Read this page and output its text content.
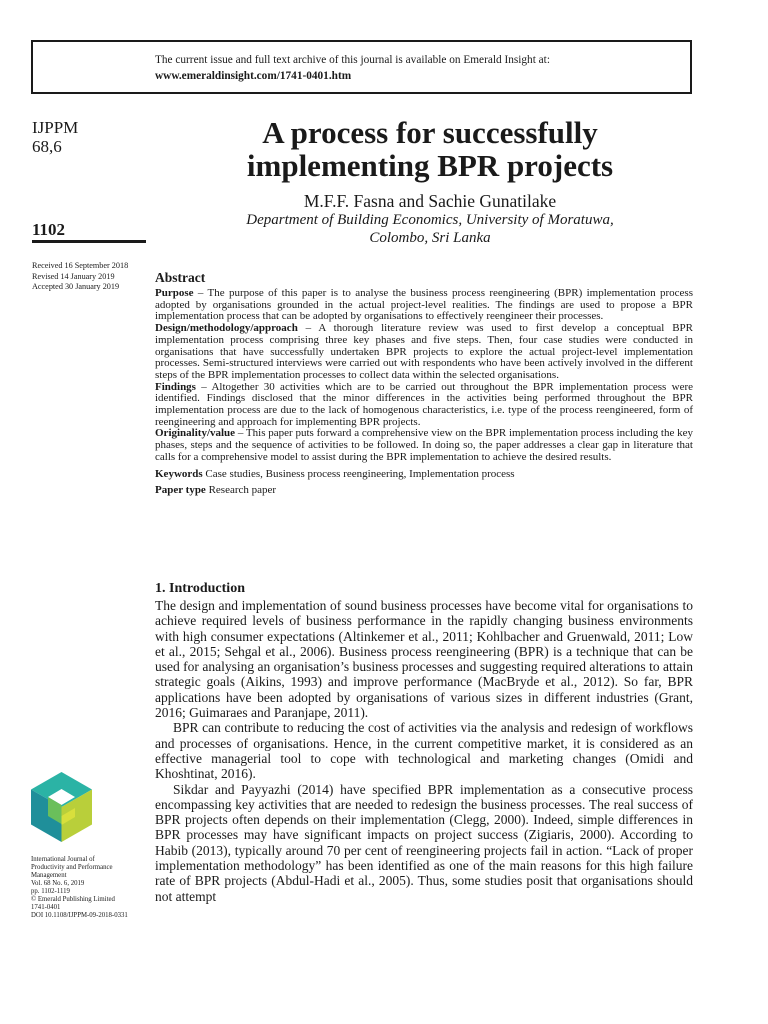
The current issue and full text archive of this journal is available on Emerald Insight at:
www.emeraldinsight.com/1741-0401.htm
IJPPM
68,6
1102
Received 16 September 2018
Revised 14 January 2019
Accepted 30 January 2019
A process for successfully
implementing BPR projects
M.F.F. Fasna and Sachie Gunatilake
Department of Building Economics, University of Moratuwa,
Colombo, Sri Lanka
Abstract

Purpose – The purpose of this paper is to analyse the business process reengineering (BPR) implementation process adopted by organisations grounded in the actual project-level realities. The findings are used to propose a BPR implementation process that can be adopted by organisations to effectively reengineer their processes.

Design/methodology/approach – A thorough literature review was used to first develop a conceptual BPR implementation process comprising three key phases and five steps. Then, four case studies were conducted in organisations that have successfully undertaken BPR projects to explore the actual project-level implementation processes. Semi-structured interviews were carried out with respondents who have been actively involved in the different steps of the BPR implementation processes to collect data within the selected organisations.

Findings – Altogether 30 activities which are to be carried out throughout the BPR implementation process were identified. Findings disclosed that the minor differences in the activities being performed throughout the BPR implementation process are due to the lack of homogenous characteristics, i.e. type of the process reengineered, form of reengineering and approach for implementing BPR projects.

Originality/value – This paper puts forward a comprehensive view on the BPR implementation process including the key phases, steps and the sequence of activities to be followed. In doing so, the paper addresses a clear gap in literature that calls for a comprehensive model to assist during the BPR implementation to achieve the desired results.

Keywords Case studies, Business process reengineering, Implementation process

Paper type Research paper

1. Introduction

The design and implementation of sound business processes have become vital for organisations to achieve required levels of business performance in the rapidly changing business environments with high consumer expectations (Altinkemer et al., 2011; Kohlbacher and Gruenwald, 2011; Low et al., 2015; Sehgal et al., 2006). Business process reengineering (BPR) is a technique that can be used for analysing an organisation’s business processes and suggesting required alterations to attain strategic goals (Aikins, 1993) and improve performance (MacBryde et al., 2012). So far, BPR applications have been adopted by organisations of various sizes in different industries (Grant, 2016; Guimaraes and Paranjape, 2011).

BPR can contribute to reducing the cost of activities via the analysis and redesign of workflows and processes of organisations. Hence, in the current competitive market, it is considered as an effective managerial tool to cope with technological and marketing changes (Omidi and Khoshtinat, 2016).

Sikdar and Payyazhi (2014) have specified BPR implementation as a consecutive process encompassing key activities that are needed to redesign the business processes. The real success of BPR projects often depends on their implementation (Clegg, 2000). Indeed, simple differences in BPR processes may have significant impacts on project success (Zigiaris, 2000). According to Habib (2013), typically around 70 per cent of reengineering projects fail in action. “Lack of proper implementation methodology” has been identified as one of the main reasons for this high failure rate of BPR projects (Abdul-Hadi et al., 2005). Thus, some studies posit that organisations should not attempt

International Journal of
Productivity and Performance
Management
Vol. 68 No. 6, 2019
pp. 1102-1119
© Emerald Publishing Limited
1741-0401
DOI 10.1108/IJPPM-09-2018-0331
